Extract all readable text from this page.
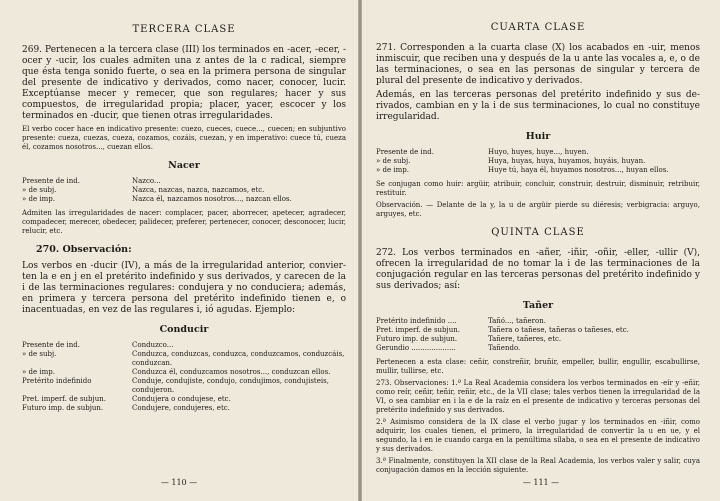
TERCERA CLASE

269. Pertenecen a la tercera clase (III) los terminados en -acer, -ecer, -ocer y -ucir, los cuales admiten una z antes de la c radical, siempre que ésta tenga sonido fuerte, o sea en la primera persona de singular del presente de indicativo y derivados, como nacer, conocer, lucir. Exceptúanse mecer y remecer, que son regulares; hacer y sus compuestos, de irregularidad propia; placer, yacer, escocer y los terminados en -ducir, que tienen otras irregularidades.

El verbo cocer hace en indicativo presente: cuezo, cueces, cuece..., cuecen; en subjuntivo presente: cueza, cuezas, cueza, cozamos, cozáis, cuezan, y en imperativo: cuece tú, cueza él, cozamos nosotros..., cuezan ellos.

Nacer
Presente de ind.	Nazco...
» de subj.	Nazca, nazcas, nazca, nazcamos, etc.
» de imp.	Nazca él, nazcamos nosotros..., nazcan ellos.

Admiten las irregularidades de nacer: complacer, pacer, aborrecer, apetecer, agradecer, compadecer, merecer, obedecer, palidecer, preferer, pertenecer, conocer, desconocer, lucir, relucir, etc.

270. Observación:

Los verbos en -ducir (IV), a más de la irregularidad anterior, convierten la e en j en el pretérito indefinido y sus derivados, y carecen de la i de las terminaciones regulares: condujera y no conduciera; además, en primera y tercera persona del pretérito indefinido tienen e, o inacentuadas, en vez de las regulares i, ió agudas. Ejemplo:

Conducir
Presente de ind.	Conduzco...
» de subj.	Conduzca, conduzcas, conduzca, conduzcamos, conduzcáis, conduzcan.
» de imp.	Conduzca él, conduzcamos nosotros..., conduzcan ellos.
Pretérito indefinido	Conduje, condujiste, condujo, condujimos, condujisteis, condujeron.
Pret. imperf. de subjun.	Condujera o condujese, etc.
Futuro imp. de subjun.	Condujere, condujeres, etc.
— 110 —
CUARTA CLASE

271. Corresponden a la cuarta clase (X) los acabados en -uir, menos inmiscuir, que reciben una y después de la u ante las vocales a, e, o de las terminaciones, o sea en las personas de singular y tercera de plural del presente de indicativo y derivados.

Además, en las terceras personas del pretérito indefinido y sus derivados, cambian en y la i de sus terminaciones, lo cual no constituye irregularidad.

Huir
Presente de ind.	Huyo, huyes, huye..., huyen.
» de subj.	Huya, huyas, huya, huyamos, huyáis, huyan.
» de imp.	Huye tú, haya él, huyamos nosotros..., huyan ellos.

Se conjugan como huir: argüir, atribuir, concluir, construir, destruir, disminuir, retribuir, restituir.

Observación. — Delante de la y, la u de argüir pierde su diéresis; verbigracia: arguyo, arguyes, etc.

QUINTA CLASE

272. Los verbos terminados en -añer, -iñir, -oñir, -eller, -ullir (V), ofrecen la irregularidad de no tomar la i de las terminaciones de la conjugación regular en las terceras personas del pretérito indefinido y sus derivados; así:

Tañer
Pretérito indefinido ....	Tañó..., tañeron.
Pret. imperf. de subjun.	Tañera o tañese, tañeras o tañeses, etc.
Futuro imp. de subjun.	Tañere, tañeres, etc.
Gerundio ....................	Tañendo.

Pertenecen a esta clase: ceñir, constreñir, bruñir, empeller, bullir, engullir, escabullirse, mullir, tullirse, etc.

273. Observaciones: 1.ª La Real Academia considera los verbos terminados en -eír y -eñir, como reír, ceñir, teñir, reñir, etc., de la VII clase; tales verbos tienen la irregularidad de la VI, o sea cambiar en i la e de la raíz en el presente de indicativo y terceras personas del pretérito indefinido y sus derivados.

2.ª Asimismo considera de la IX clase el verbo jugar y los terminados en -iñir, como adquirir, los cuales tienen, el primero, la irregularidad de convertir la u en ue, y el segundo, la i en ie cuando carga en la penúltima sílaba, o sea en el presente de indicativo y sus derivados.

3.ª Finalmente, constituyen la XII clase de la Real Academia, los verbos valer y salir, cuya conjugación damos en la lección siguiente.

— 111 —
